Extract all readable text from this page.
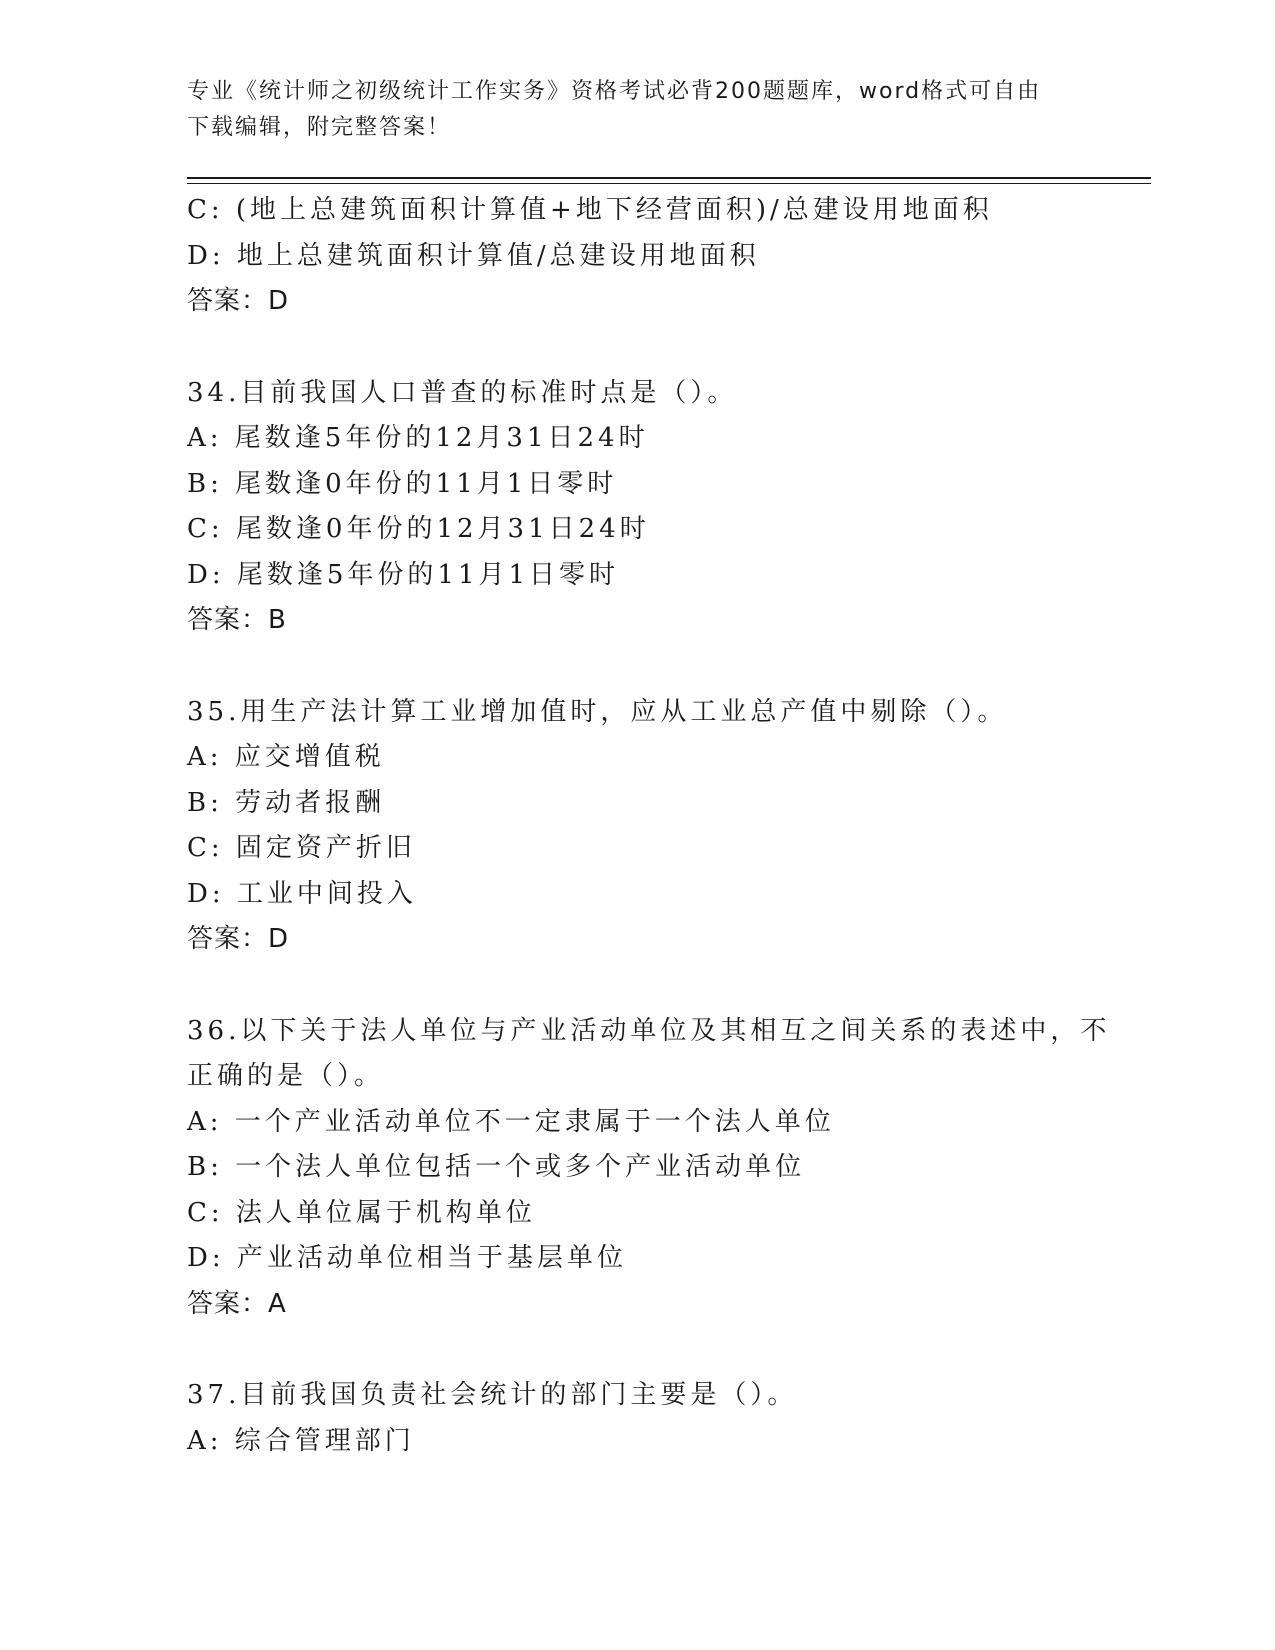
专业《统计师之初级统计工作实务》资格考试必背200题题库，word格式可自由
下载编辑，附完整答案！
C: (地上总建筑面积计算值+地下经营面积)/总建设用地面积
D: 地上总建筑面积计算值/总建设用地面积
答案：D
34.目前我国人口普查的标准时点是（）。
A: 尾数逢5年份的12月31日24时
B: 尾数逢0年份的11月1日零时
C: 尾数逢0年份的12月31日24时
D: 尾数逢5年份的11月1日零时
答案：B
35.用生产法计算工业增加值时，应从工业总产值中剔除（）。
A: 应交增值税
B: 劳动者报酬
C: 固定资产折旧
D: 工业中间投入
答案：D
36.以下关于法人单位与产业活动单位及其相互之间关系的表述中，不
正确的是（）。
A: 一个产业活动单位不一定隶属于一个法人单位
B: 一个法人单位包括一个或多个产业活动单位
C: 法人单位属于机构单位
D: 产业活动单位相当于基层单位
答案：A
37.目前我国负责社会统计的部门主要是（）。
A: 综合管理部门
